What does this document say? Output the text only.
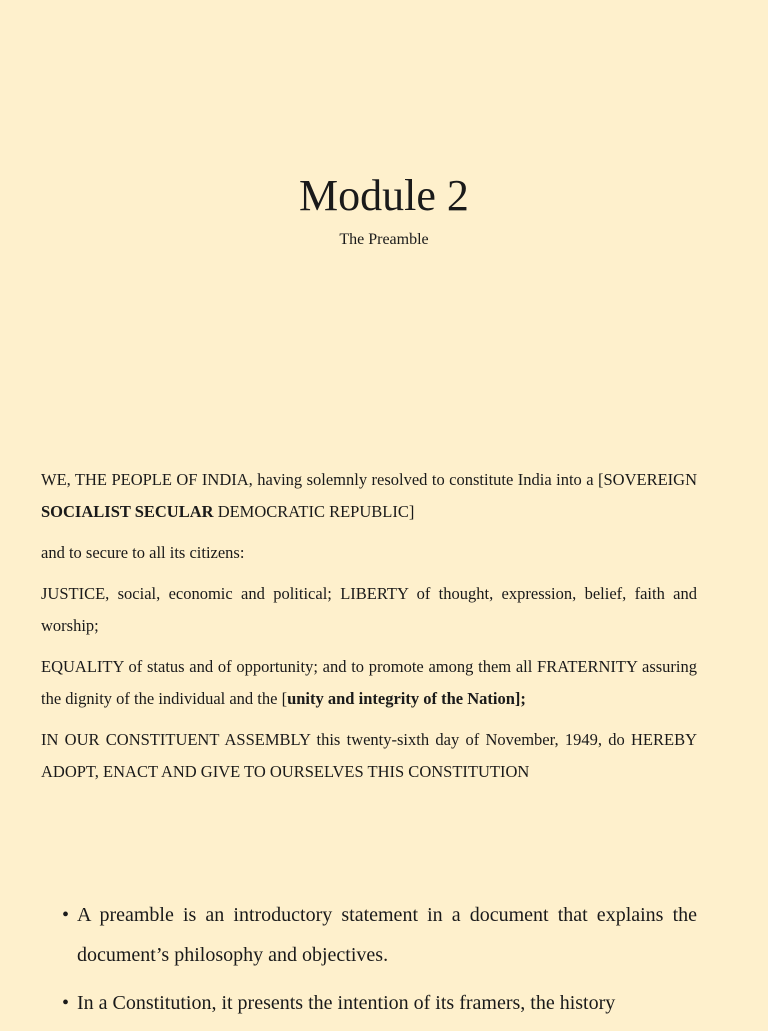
Module 2
The Preamble

WE, THE PEOPLE OF INDIA, having solemnly resolved to constitute India into a [SOVEREIGN SOCIALIST SECULAR DEMOCRATIC REPUBLIC]

and to secure to all its citizens:

JUSTICE, social, economic and political; LIBERTY of thought, expression, belief, faith and worship;

EQUALITY of status and of opportunity; and to promote among them all FRATERNITY assuring the dignity of the individual and the [unity and integrity of the Nation];

IN OUR CONSTITUENT ASSEMBLY this twenty-sixth day of November, 1949, do HEREBY ADOPT, ENACT AND GIVE TO OURSELVES THIS CONSTITUTION

• A preamble is an introductory statement in a document that explains the document’s philosophy and objectives.
• In a Constitution, it presents the intention of its framers, the history
